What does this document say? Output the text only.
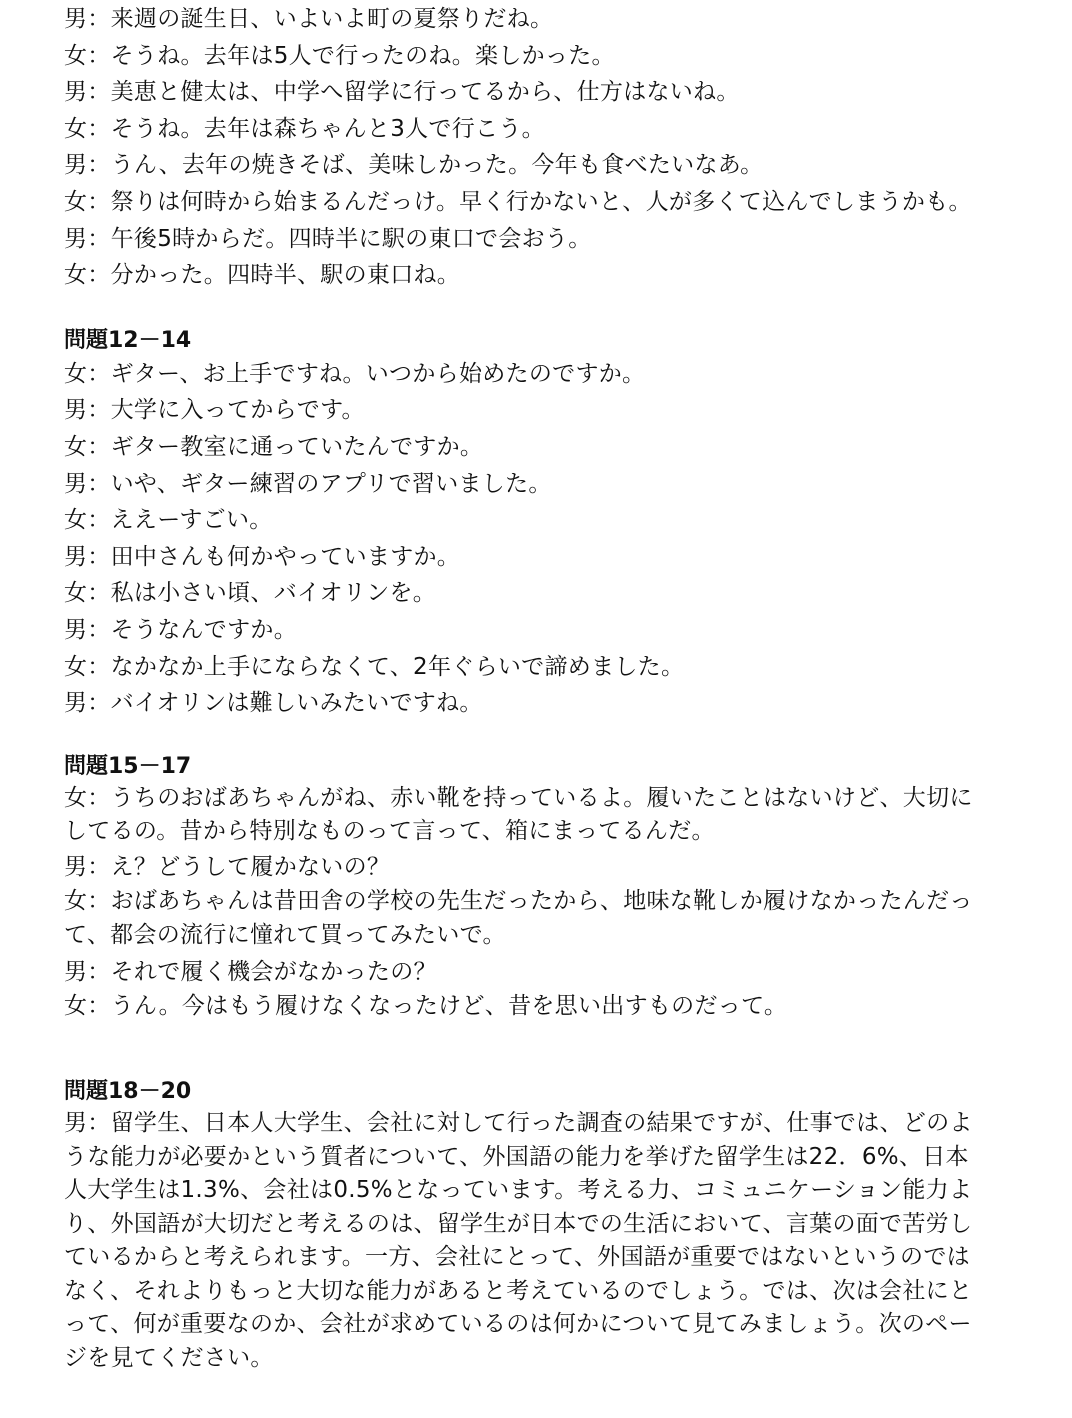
男：来週の誕生日、いよいよ町の夏祭りだね。
女：そうね。去年は5人で行ったのね。楽しかった。
男：美恵と健太は、中学へ留学に行ってるから、仕方はないね。
女：そうね。去年は森ちゃんと3人で行こう。
男：うん、去年の焼きそば、美味しかった。今年も食べたいなあ。
女：祭りは何時から始まるんだっけ。早く行かないと、人が多くて込んでしまうかも。
男：午後5時からだ。四時半に駅の東口で会おう。
女：分かった。四時半、駅の東口ね。
問題12－14
女：ギター、お上手ですね。いつから始めたのですか。
男：大学に入ってからです。
女：ギター教室に通っていたんですか。
男：いや、ギター練習のアプリで習いました。
女：ええーすごい。
男：田中さんも何かやっていますか。
女：私は小さい頃、バイオリンを。
男：そうなんですか。
女：なかなか上手にならなくて、2年ぐらいで諦めました。
男：バイオリンは難しいみたいですね。
問題15－17
女：うちのおばあちゃんがね、赤い靴を持っているよ。履いたことはないけど、大切に
してるの。昔から特別なものって言って、箱にまってるんだ。
男：え？どうして履かないの？
女：おばあちゃんは昔田舎の学校の先生だったから、地味な靴しか履けなかったんだっ
て、都会の流行に憧れて買ってみたいで。
男：それで履く機会がなかったの？
女：うん。今はもう履けなくなったけど、昔を思い出すものだって。
問題18－20
男：留学生、日本人大学生、会社に対して行った調査の結果ですが、仕事では、どのよ
うな能力が必要かという質者について、外国語の能力を挙げた留学生は22．6%、日本
人大学生は1.3%、会社は0.5%となっています。考える力、コミュニケーション能力よ
り、外国語が大切だと考えるのは、留学生が日本での生活において、言葉の面で苦労し
ているからと考えられます。一方、会社にとって、外国語が重要ではないというのでは
なく、それよりもっと大切な能力があると考えているのでしょう。では、次は会社にと
って、何が重要なのか、会社が求めているのは何かについて見てみましょう。次のペー
ジを見てください。
